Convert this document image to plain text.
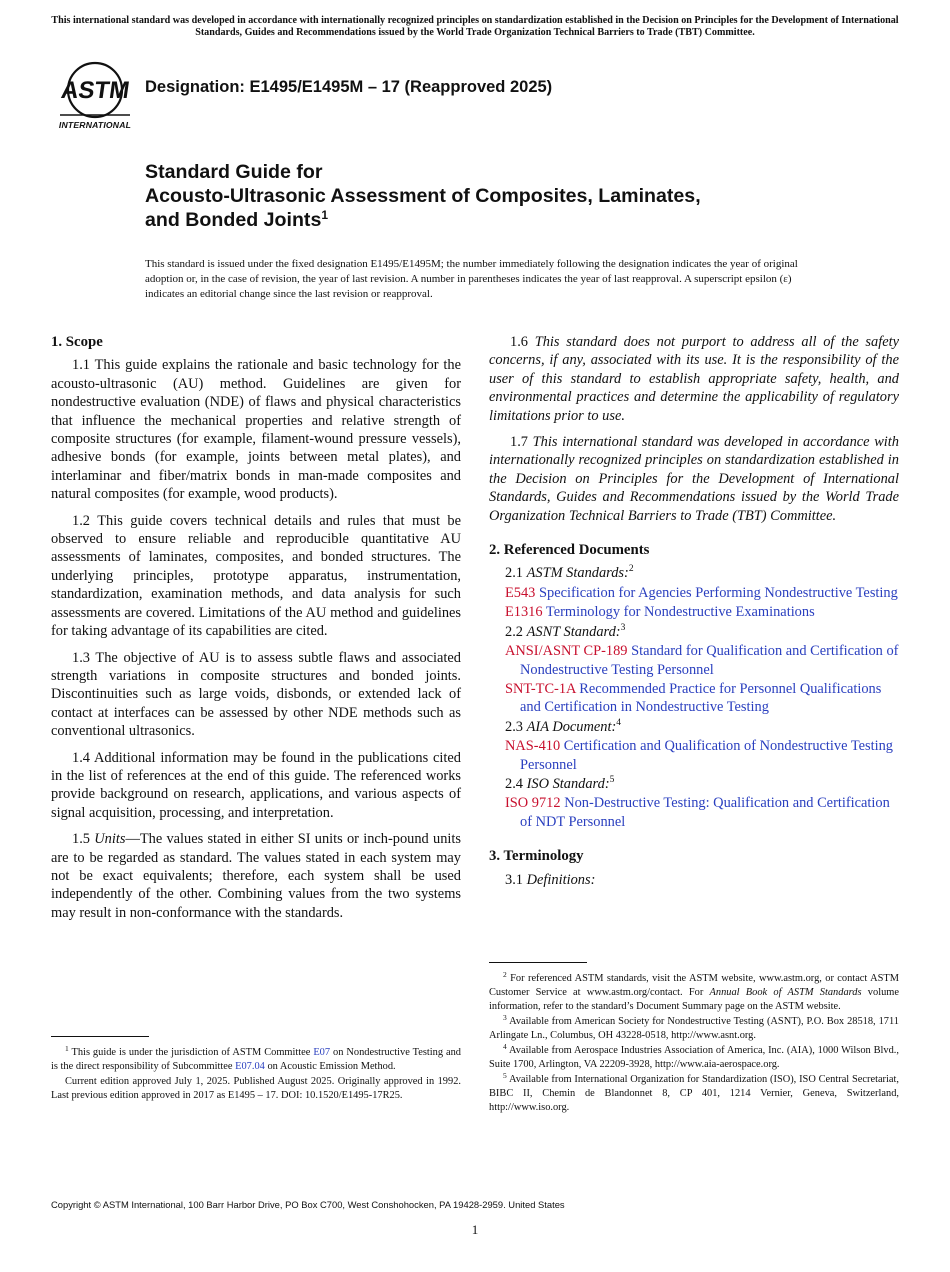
This international standard was developed in accordance with internationally recognized principles on standardization established in the Decision on Principles for the Development of International Standards, Guides and Recommendations issued by the World Trade Organization Technical Barriers to Trade (TBT) Committee.
ASTM
INTERNATIONAL
Designation: E1495/E1495M – 17 (Reapproved 2025)
Standard Guide for
Acousto-Ultrasonic Assessment of Composites, Laminates,
and Bonded Joints$^1$
This standard is issued under the fixed designation E1495/E1495M; the number immediately following the designation indicates the year of original adoption or, in the case of revision, the year of last revision. A number in parentheses indicates the year of last reapproval. A superscript epsilon (ε) indicates an editorial change since the last revision or reapproval.
1. Scope

1.1 This guide explains the rationale and basic technology for the acousto-ultrasonic (AU) method. Guidelines are given for nondestructive evaluation (NDE) of flaws and physical characteristics that influence the mechanical properties and relative strength of composite structures (for example, filament-wound pressure vessels), adhesive bonds (for example, joints between metal plates), and interlaminar and fiber/matrix bonds in man-made composites and natural composites (for example, wood products).

1.2 This guide covers technical details and rules that must be observed to ensure reliable and reproducible quantitative AU assessments of laminates, composites, and bonded structures. The underlying principles, prototype apparatus, instrumentation, standardization, examination methods, and data analysis for such assessments are covered. Limitations of the AU method and guidelines for taking advantage of its capabilities are cited.

1.3 The objective of AU is to assess subtle flaws and associated strength variations in composite structures and bonded joints. Discontinuities such as large voids, disbonds, or extended lack of contact at interfaces can be assessed by other NDE methods such as conventional ultrasonics.

1.4 Additional information may be found in the publications cited in the list of references at the end of this guide. The referenced works provide background on research, applications, and various aspects of signal acquisition, processing, and interpretation.

1.5 Units—The values stated in either SI units or inch-pound units are to be regarded as standard. The values stated in each system may not be exact equivalents; therefore, each system shall be used independently of the other. Combining values from the two systems may result in non-conformance with the standards.

1.6 This standard does not purport to address all of the safety concerns, if any, associated with its use. It is the responsibility of the user of this standard to establish appropriate safety, health, and environmental practices and determine the applicability of regulatory limitations prior to use.

1.7 This international standard was developed in accordance with internationally recognized principles on standardization established in the Decision on Principles for the Development of International Standards, Guides and Recommendations issued by the World Trade Organization Technical Barriers to Trade (TBT) Committee.

2. Referenced Documents
2.1 ASTM Standards:$^2$
E543 Specification for Agencies Performing Nondestructive Testing
E1316 Terminology for Nondestructive Examinations
2.2 ASNT Standard:$^3$
ANSI/ASNT CP-189 Standard for Qualification and Certification of Nondestructive Testing Personnel
SNT-TC-1A Recommended Practice for Personnel Qualifications and Certification in Nondestructive Testing
2.3 AIA Document:$^4$
NAS-410 Certification and Qualification of Nondestructive Testing Personnel
2.4 ISO Standard:$^5$
ISO 9712 Non-Destructive Testing: Qualification and Certification of NDT Personnel
3. Terminology
3.1 Definitions:
$^1$ This guide is under the jurisdiction of ASTM Committee E07 on Nondestructive Testing and is the direct responsibility of Subcommittee E07.04 on Acoustic Emission Method.
Current edition approved July 1, 2025. Published August 2025. Originally approved in 1992. Last previous edition approved in 2017 as E1495 – 17. DOI: 10.1520/E1495-17R25.
$^2$ For referenced ASTM standards, visit the ASTM website, www.astm.org, or contact ASTM Customer Service at www.astm.org/contact. For Annual Book of ASTM Standards volume information, refer to the standard’s Document Summary page on the ASTM website.
$^3$ Available from American Society for Nondestructive Testing (ASNT), P.O. Box 28518, 1711 Arlingate Ln., Columbus, OH 43228-0518, http://www.asnt.org.
$^4$ Available from Aerospace Industries Association of America, Inc. (AIA), 1000 Wilson Blvd., Suite 1700, Arlington, VA 22209-3928, http://www.aia-aerospace.org.
$^5$ Available from International Organization for Standardization (ISO), ISO Central Secretariat, BIBC II, Chemin de Blandonnet 8, CP 401, 1214 Vernier, Geneva, Switzerland, http://www.iso.org.
Copyright © ASTM International, 100 Barr Harbor Drive, PO Box C700, West Conshohocken, PA 19428-2959. United States
1
